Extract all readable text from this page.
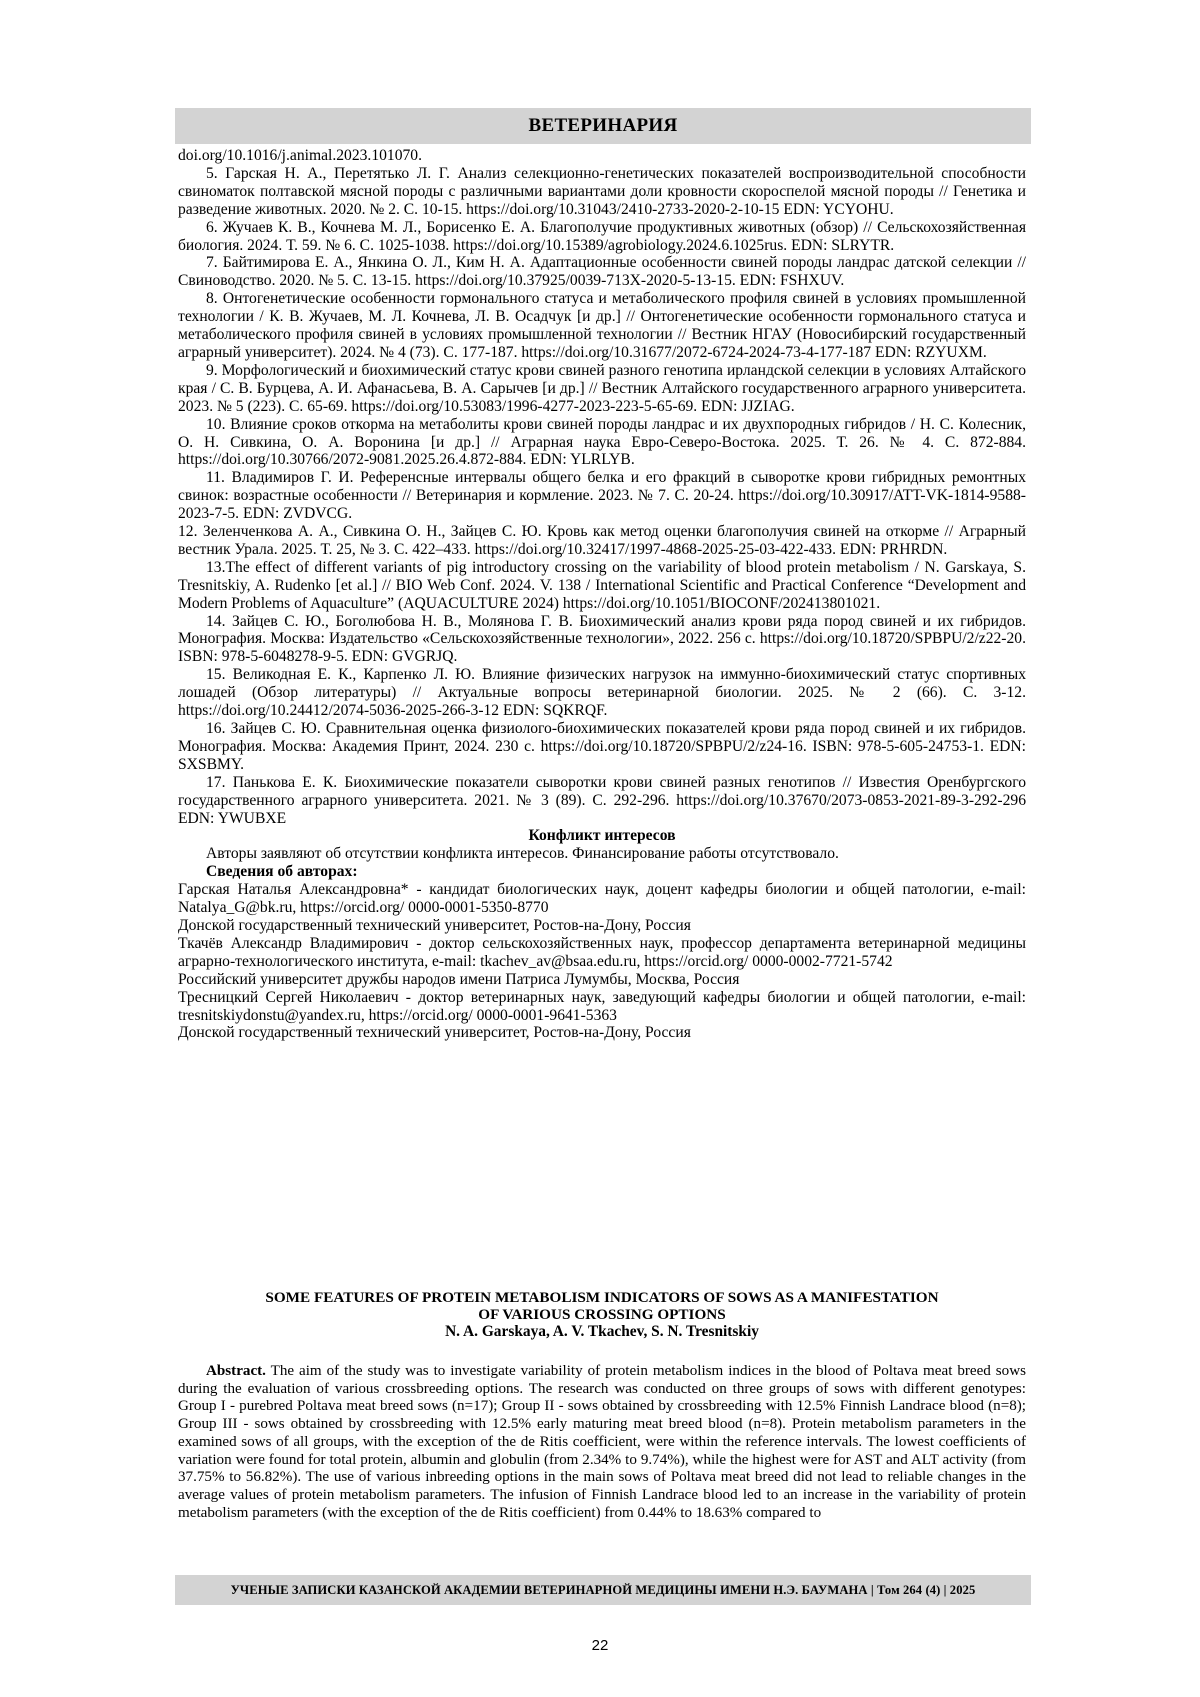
ВЕТЕРИНАРИЯ

doi.org/10.1016/j.animal.2023.101070.

5. Гарская Н. А., Перетятько Л. Г. Анализ селекционно-генетических показателей воспроизводительной способности свиноматок полтавской мясной породы с различными вариантами доли кровности скороспелой мясной породы // Генетика и разведение животных. 2020. № 2. С. 10-15. https://doi.org/10.31043/2410-2733-2020-2-10-15 EDN: YCYOHU.

6. Жучаев К. В., Кочнева М. Л., Борисенко Е. А. Благополучие продуктивных животных (обзор) // Сельскохозяйственная биология. 2024. Т. 59. № 6. С. 1025-1038. https://doi.org/10.15389/agrobiology.2024.6.1025rus. EDN: SLRYTR.

7. Байтимирова Е. А., Янкина О. Л., Ким Н. А. Адаптационные особенности свиней породы ландрас датской селекции // Свиноводство. 2020. № 5. С. 13-15. https://doi.org/10.37925/0039-713X-2020-5-13-15. EDN: FSHXUV.

8. Онтогенетические особенности гормонального статуса и метаболического профиля свиней в условиях промышленной технологии / К. В. Жучаев, М. Л. Кочнева, Л. В. Осадчук [и др.] // Онтогенетические особенности гормонального статуса и метаболического профиля свиней в условиях промышленной технологии // Вестник НГАУ (Новосибирский государственный аграрный университет). 2024. № 4 (73). С. 177-187. https://doi.org/10.31677/2072-6724-2024-73-4-177-187 EDN: RZYUXM.

9. Морфологический и биохимический статус крови свиней разного генотипа ирландской селекции в условиях Алтайского края / С. В. Бурцева, А. И. Афанасьева, В. А. Сарычев [и др.] // Вестник Алтайского государственного аграрного университета. 2023. № 5 (223). С. 65-69. https://doi.org/10.53083/1996-4277-2023-223-5-65-69. EDN: JJZIAG.

10. Влияние сроков откорма на метаболиты крови свиней породы ландрас и их двухпородных гибридов / Н. С. Колесник, О. Н. Сивкина, О. А. Воронина [и др.] // Аграрная наука Евро-Северо-Востока. 2025. Т. 26. № 4. С. 872-884. https://doi.org/10.30766/2072-9081.2025.26.4.872-884. EDN: YLRLYB.

11. Владимиров Г. И. Референсные интервалы общего белка и его фракций в сыворотке крови гибридных ремонтных свинок: возрастные особенности // Ветеринария и кормление. 2023. № 7. С. 20-24. https://doi.org/10.30917/ATT-VK-1814-9588-2023-7-5. EDN: ZVDVCG.

12. Зеленченкова А. А., Сивкина О. Н., Зайцев С. Ю. Кровь как метод оценки благополучия свиней на откорме // Аграрный вестник Урала. 2025. Т. 25, № 3. С. 422–433. https://doi.org/10.32417/1997-4868-2025-25-03-422-433. EDN: PRHRDN.

13.The effect of different variants of pig introductory crossing on the variability of blood protein metabolism / N. Garskaya, S. Tresnitskiy, A. Rudenko [et al.] // BIO Web Conf. 2024. V. 138 / International Scientific and Practical Conference “Development and Modern Problems of Aquaculture” (AQUACULTURE 2024) https://doi.org/10.1051/BIOCONF/202413801021.

14. Зайцев С. Ю., Боголюбова Н. В., Молянова Г. В. Биохимический анализ крови ряда пород свиней и их гибридов. Монография. Москва: Издательство «Сельскохозяйственные технологии», 2022. 256 с. https://doi.org/10.18720/SPBPU/2/z22-20. ISBN: 978-5-6048278-9-5. EDN: GVGRJQ.

15. Великодная Е. К., Карпенко Л. Ю. Влияние физических нагрузок на иммунно-биохимический статус спортивных лошадей (Обзор литературы) // Актуальные вопросы ветеринарной биологии. 2025. № 2 (66). С. 3-12. https://doi.org/10.24412/2074-5036-2025-266-3-12 EDN: SQKRQF.

16. Зайцев С. Ю. Сравнительная оценка физиолого-биохимических показателей крови ряда пород свиней и их гибридов. Монография. Москва: Академия Принт, 2024. 230 с. https://doi.org/10.18720/SPBPU/2/z24-16. ISBN: 978-5-605-24753-1. EDN: SXSBMY.

17. Панькова Е. К. Биохимические показатели сыворотки крови свиней разных генотипов // Известия Оренбургского государственного аграрного университета. 2021. № 3 (89). С. 292-296. https://doi.org/10.37670/2073-0853-2021-89-3-292-296 EDN: YWUBXE

Конфликт интересов

Авторы заявляют об отсутствии конфликта интересов. Финансирование работы отсутствовало.

Сведения об авторах:

Гарская Наталья Александровна* - кандидат биологических наук, доцент кафедры биологии и общей патологии, e-mail: Natalya_G@bk.ru, https://orcid.org/ 0000-0001-5350-8770

Донской государственный технический университет, Ростов-на-Дону, Россия

Ткачёв Александр Владимирович - доктор сельскохозяйственных наук, профессор департамента ветеринарной медицины аграрно-технологического института, e-mail: tkachev_av@bsaa.edu.ru, https://orcid.org/ 0000-0002-7721-5742

Российский университет дружбы народов имени Патриса Лумумбы, Москва, Россия

Тресницкий Сергей Николаевич - доктор ветеринарных наук, заведующий кафедры биологии и общей патологии, e-mail: tresnitskiydonstu@yandex.ru, https://orcid.org/ 0000-0001-9641-5363

Донской государственный технический университет, Ростов-на-Дону, Россия

SOME FEATURES OF PROTEIN METABOLISM INDICATORS OF SOWS AS A MANIFESTATION
OF VARIOUS CROSSING OPTIONS
N. A. Garskaya, A. V. Tkachev, S. N. Tresnitskiy

Abstract. The aim of the study was to investigate variability of protein metabolism indices in the blood of Poltava meat breed sows during the evaluation of various crossbreeding options. The research was conducted on three groups of sows with different genotypes: Group I - purebred Poltava meat breed sows (n=17); Group II - sows obtained by crossbreeding with 12.5% Finnish Landrace blood (n=8); Group III - sows obtained by crossbreeding with 12.5% early maturing meat breed blood (n=8). Protein metabolism parameters in the examined sows of all groups, with the exception of the de Ritis coefficient, were within the reference intervals. The lowest coefficients of variation were found for total protein, albumin and globulin (from 2.34% to 9.74%), while the highest were for AST and ALT activity (from 37.75% to 56.82%). The use of various inbreeding options in the main sows of Poltava meat breed did not lead to reliable changes in the average values of protein metabolism parameters. The infusion of Finnish Landrace blood led to an increase in the variability of protein metabolism parameters (with the exception of the de Ritis coefficient) from 0.44% to 18.63% compared to

УЧЕНЫЕ ЗАПИСКИ КАЗАНСКОЙ АКАДЕМИИ ВЕТЕРИНАРНОЙ МЕДИЦИНЫ ИМЕНИ Н.Э. БАУМАНА | Том 264 (4) | 2025
22
